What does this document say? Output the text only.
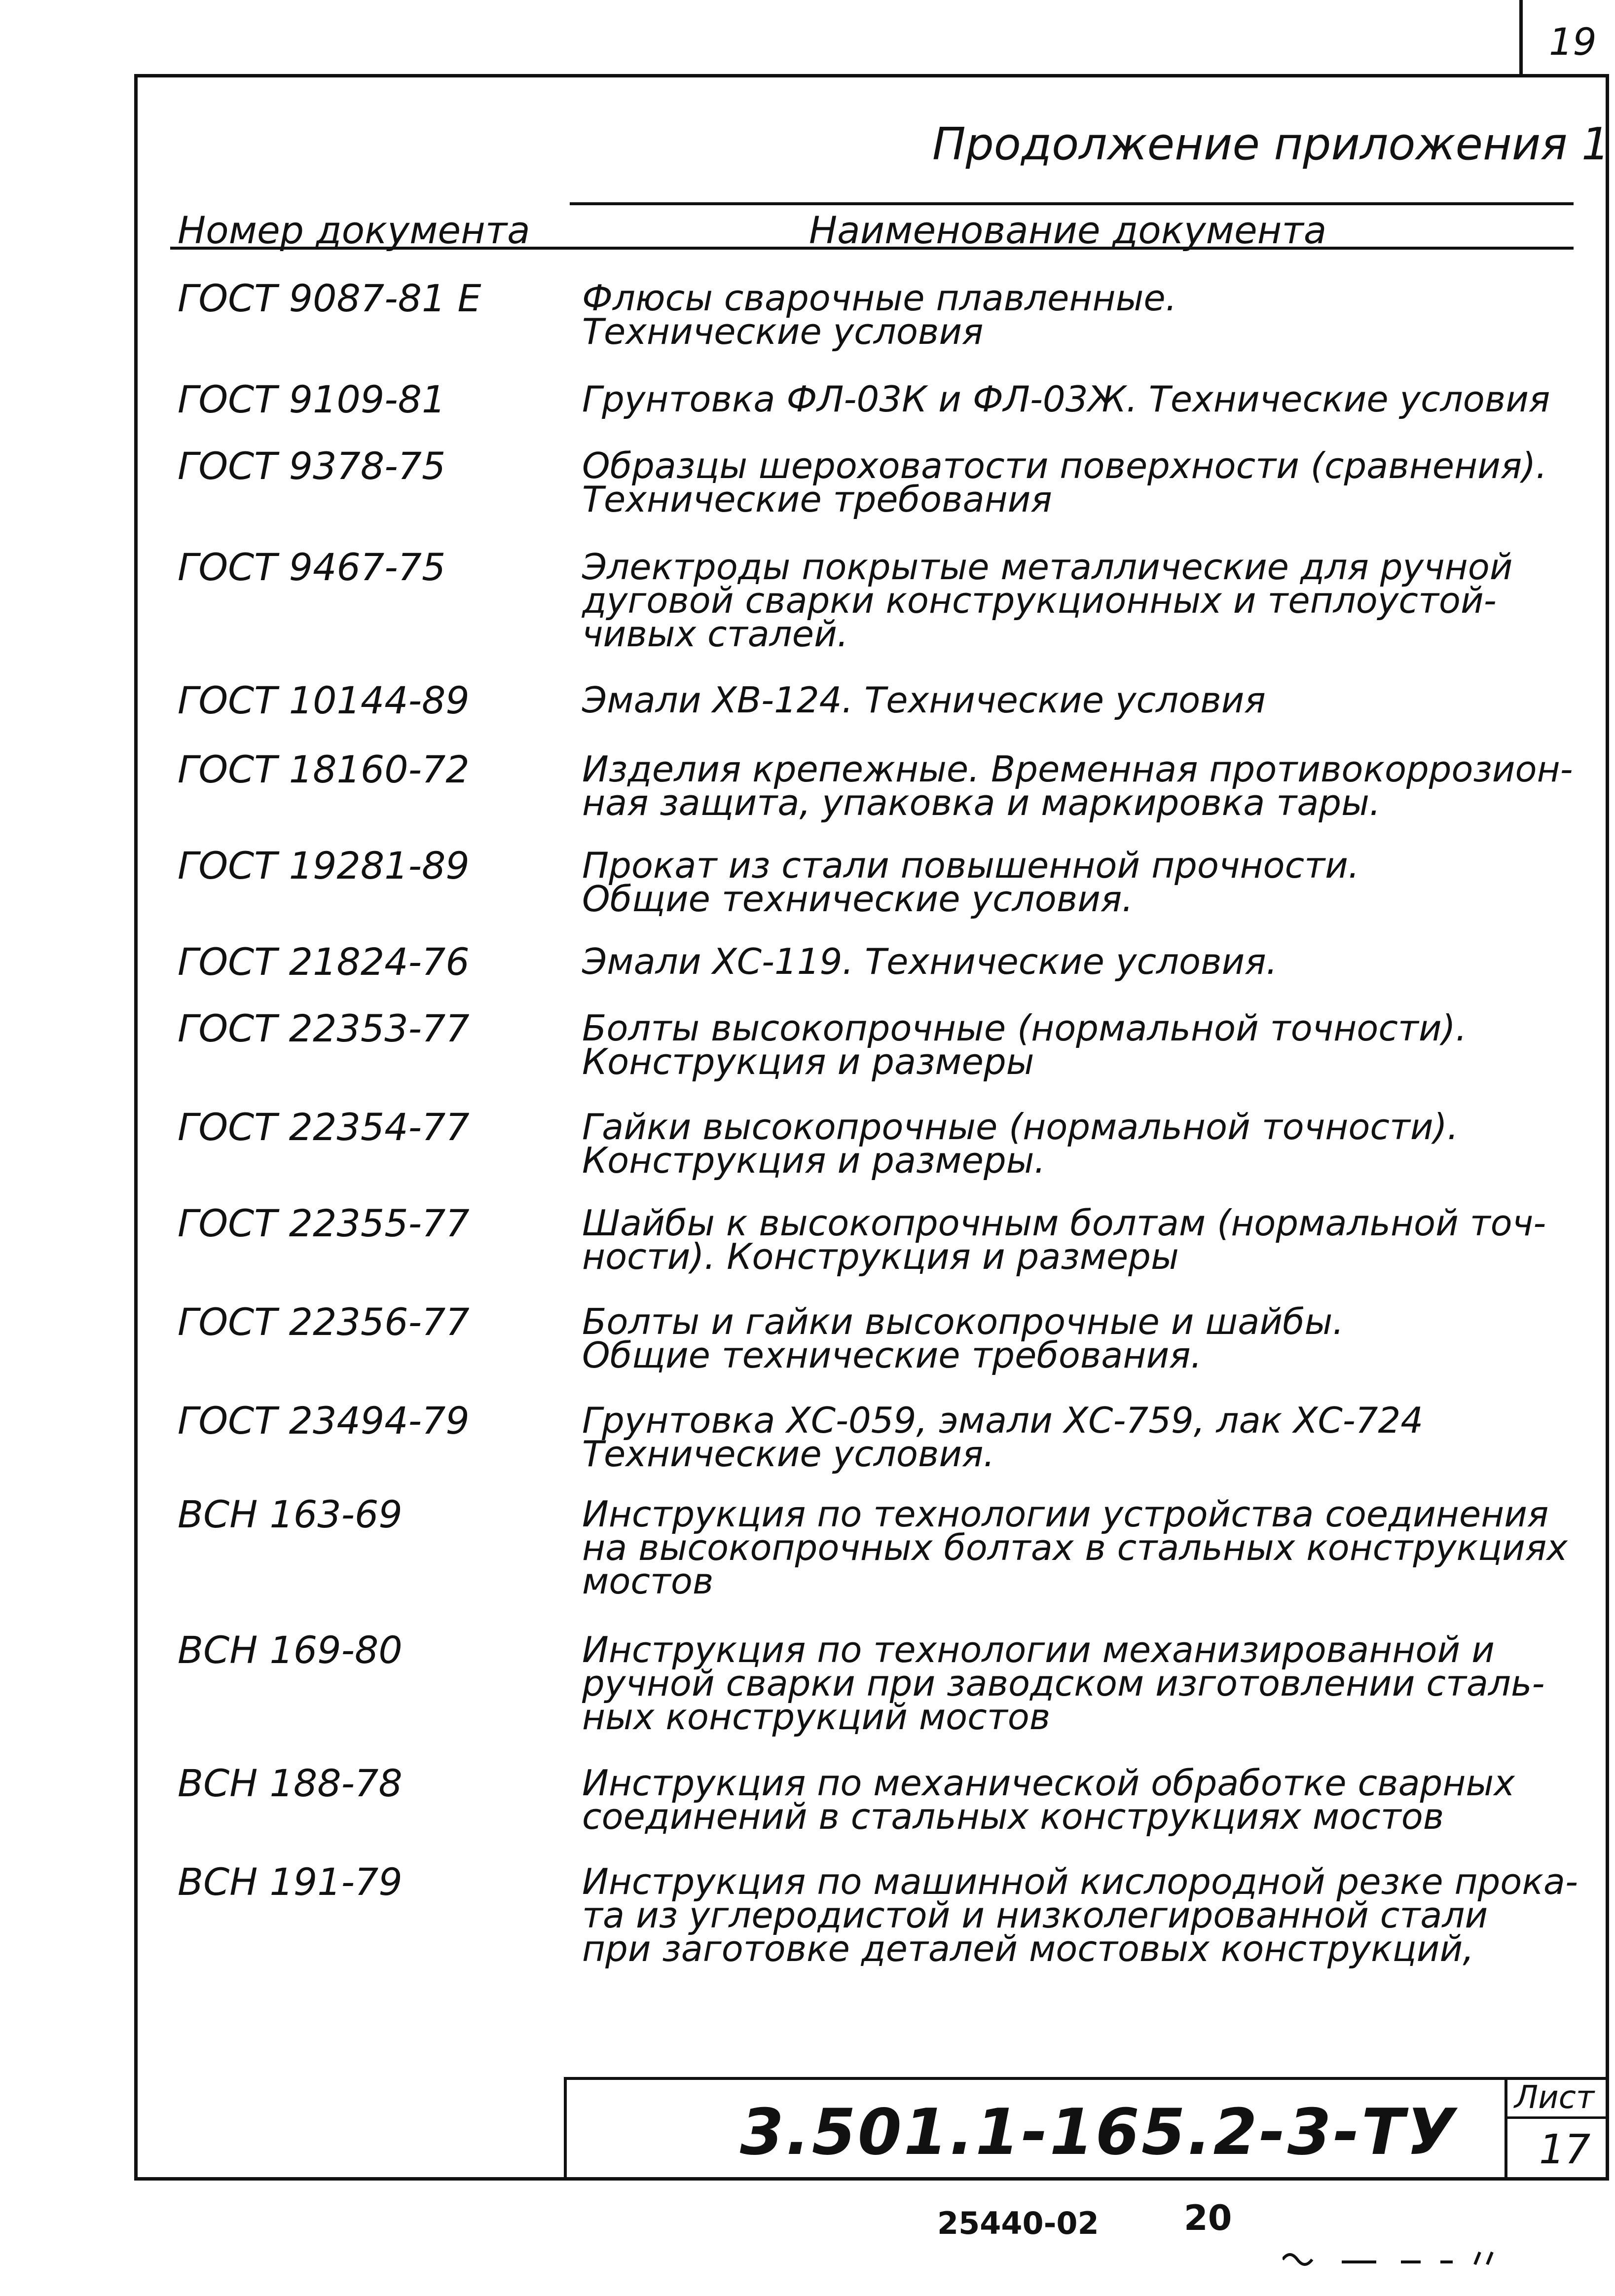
19
Продолжение приложения 1
Номер документа	Наименование документа
ГОСТ 9087-81 Е	Флюсы сварочные плавленные.
Технические условия
ГОСТ 9109-81	Грунтовка ФЛ-03К и ФЛ-03Ж. Технические условия
ГОСТ 9378-75	Образцы шероховатости поверхности (сравнения).
Технические требования
ГОСТ 9467-75	Электроды покрытые металлические для ручной
дуговой сварки конструкционных и теплоустой-
чивых сталей.
ГОСТ 10144-89	Эмали ХВ-124. Технические условия
ГОСТ 18160-72	Изделия крепежные. Временная противокоррозион-
ная защита, упаковка и маркировка тары.
ГОСТ 19281-89	Прокат из стали повышенной прочности.
Общие технические условия.
ГОСТ 21824-76	Эмали ХС-119. Технические условия.
ГОСТ 22353-77	Болты высокопрочные (нормальной точности).
Конструкция и размеры
ГОСТ 22354-77	Гайки высокопрочные (нормальной точности).
Конструкция и размеры.
ГОСТ 22355-77	Шайбы к высокопрочным болтам (нормальной точ-
ности). Конструкция и размеры
ГОСТ 22356-77	Болты и гайки высокопрочные и шайбы.
Общие технические требования.
ГОСТ 23494-79	Грунтовка ХС-059, эмали ХС-759, лак ХС-724
Технические условия.
ВСН 163-69	Инструкция по технологии устройства соединения
на высокопрочных болтах в стальных конструкциях
мостов
ВСН 169-80	Инструкция по технологии механизированной и
ручной сварки при заводском изготовлении сталь-
ных конструкций мостов
ВСН 188-78	Инструкция по механической обработке сварных
соединений в стальных конструкциях мостов
ВСН 191-79	Инструкция по машинной кислородной резке прока-
та из углеродистой и низколегированной стали
при заготовке деталей мостовых конструкций,
3.501.1-165.2-3-ТУ Лист
17
25440-02 20
